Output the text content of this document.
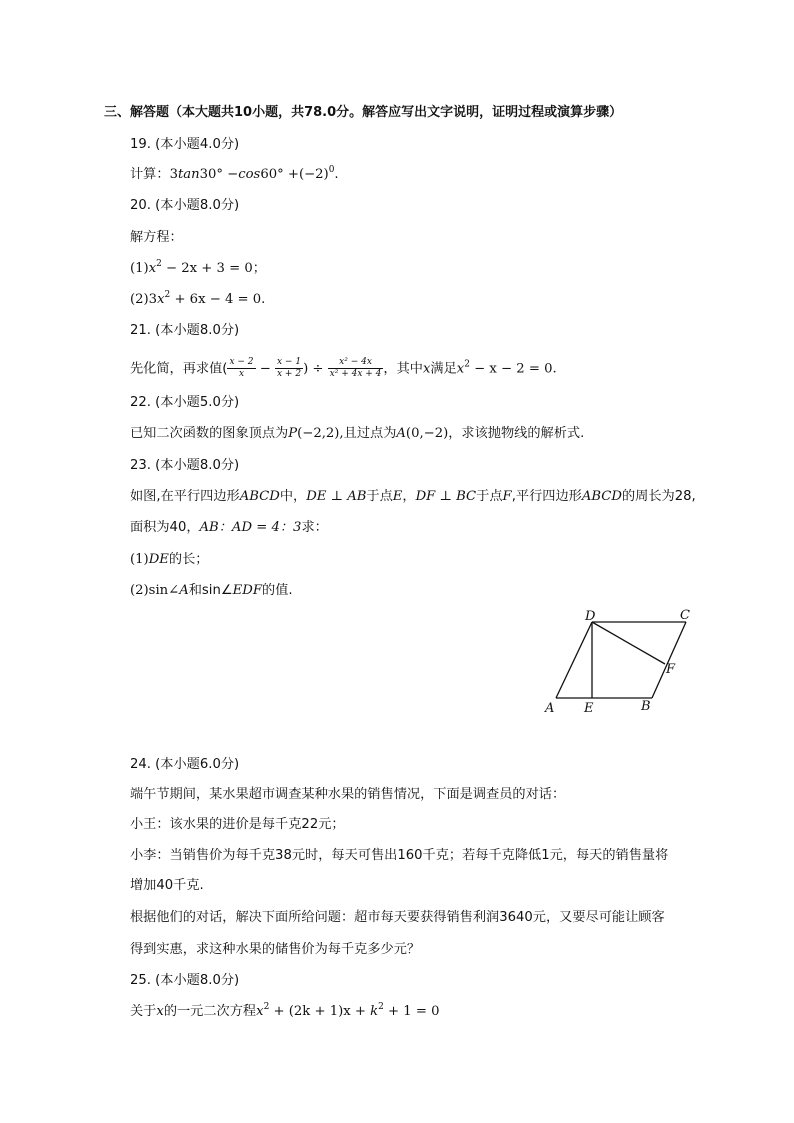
三、解答题（本大题共10小题，共78.0分。解答应写出文字说明，证明过程或演算步骤）
19. (本小题4.0分)
计算：$3\tan 30^\circ -\cos 60^\circ +(-2)^0$.
20. (本小题8.0分)
解方程：
$(1)x^2 - 2x + 3 = 0$；
$(2)3x^2 + 6x - 4 = 0$.
21. (本小题8.0分)
先化简，再求值( $\frac{x - 2}{x} - \frac{x - 1}{x + 2}$ ) ÷ $\frac{\text{x² − 4x}}{\text{x² + 4x + 4}}$ ，其中x满足$x^2 - x - 2 = 0$.
22. (本小题5.0分)
已知二次函数的图象顶点为P(−2,2),且过点为A(0,−2)，求该抛物线的解析式.
23. (本小题8.0分)
如图,在平行四边形ABCD中，DE ⊥ AB于点E，DF ⊥ BC于点F,平行四边形ABCD的周长为28,
面积为40，AB：AD = 4：3求：
(1)DE的长；
(2)sin∠A和sin∠EDF的值.
A E	B
D	C
F
24. (本小题6.0分)
端午节期间，某水果超市调查某种水果的销售情况，下面是调查员的对话：
小王：该水果的进价是每千克22元；
小李：当销售价为每千克38元时，每天可售出160千克；若每千克降低1元，每天的销售量将
增加40千克.
根据他们的对话，解决下面所给问题：超市每天要获得销售利润3640元，又要尽可能让顾客
得到实惠，求这种水果的储售价为每千克多少元？
25. (本小题8.0分)
关于x的一元二次方程$x^2 + (2k + 1)x + k^2 + 1 = 0$
